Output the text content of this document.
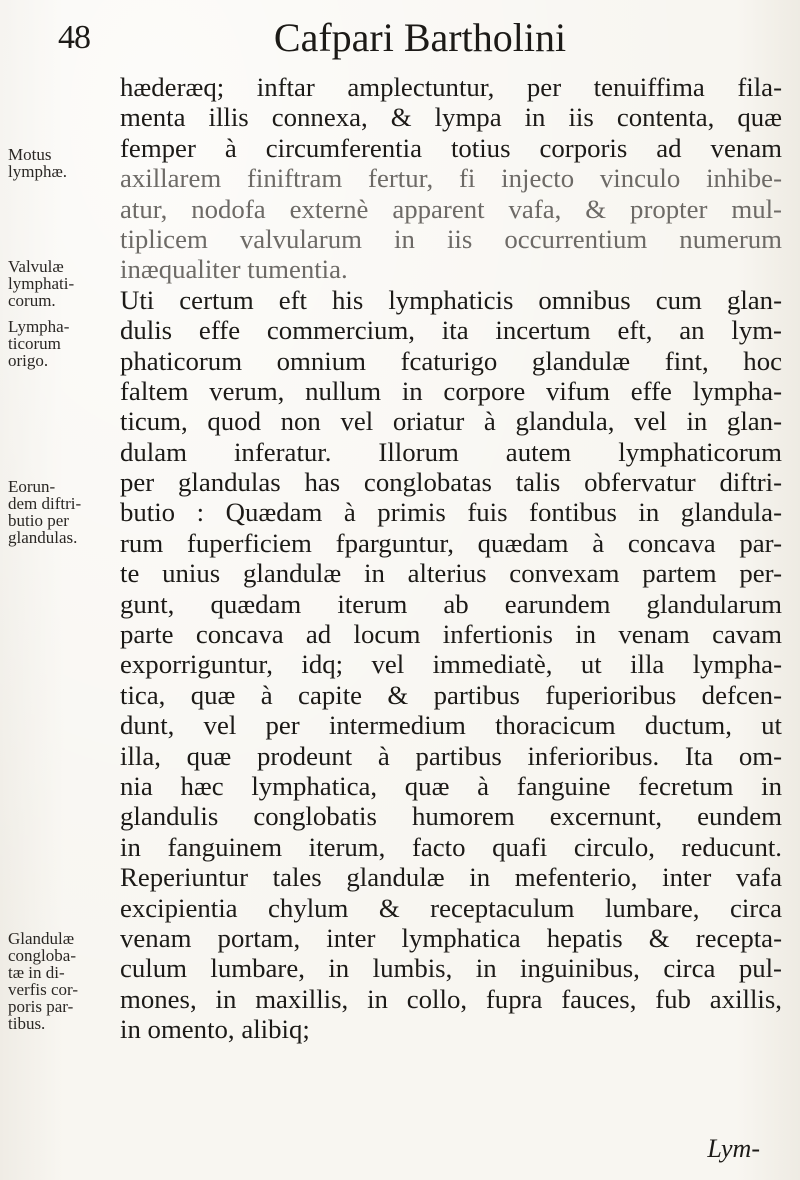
48	Cafpari Bartholini
Motus
lymphæ.
Valvulæ
lymphati-
corum.
Lympha-
ticorum
origo.
Eorun-
dem diftri-
butio per
glandulas.
Glandulæ
congloba-
tæ in di-
verfis cor-
poris par-
tibus.
hæderæq; inftar amplectuntur, per tenuiffima fila-
menta illis connexa, & lympa in iis contenta, quæ
femper à circumferentia totius corporis ad venam
axillarem finiftram fertur, fi injecto vinculo inhibe-
atur, nodofa externè apparent vafa, & propter mul-
tiplicem valvularum in iis occurrentium numerum
inæqualiter tumentia.
Uti certum eft his lymphaticis omnibus cum glan-
dulis effe commercium, ita incertum eft, an lym-
phaticorum omnium fcaturigo glandulæ fint, hoc
faltem verum, nullum in corpore vifum effe lympha-
ticum, quod non vel oriatur à glandula, vel in glan-
dulam inferatur. Illorum autem lymphaticorum
per glandulas has conglobatas talis obfervatur diftri-
butio : Quædam à primis fuis fontibus in glandula-
rum fuperficiem fparguntur, quædam à concava par-
te unius glandulæ in alterius convexam partem per-
gunt, quædam iterum ab earundem glandularum
parte concava ad locum infertionis in venam cavam
exporriguntur, idq; vel immediatè, ut illa lympha-
tica, quæ à capite & partibus fuperioribus defcen-
dunt, vel per intermedium thoracicum ductum, ut
illa, quæ prodeunt à partibus inferioribus. Ita om-
nia hæc lymphatica, quæ à fanguine fecretum in
glandulis conglobatis humorem excernunt, eundem
in fanguinem iterum, facto quafi circulo, reducunt.
Reperiuntur tales glandulæ in mefenterio, inter vafa
excipientia chylum & receptaculum lumbare, circa
venam portam, inter lymphatica hepatis & recepta-
culum lumbare, in lumbis, in inguinibus, circa pul-
mones, in maxillis, in collo, fupra fauces, fub axillis,
in omento, alibiq;
Lym-
